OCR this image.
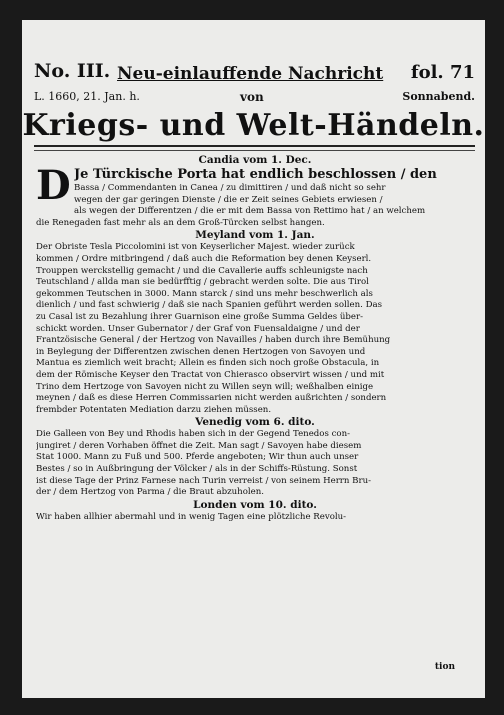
No. III. Neu-einlauffende Nachricht fol. 71
L. 1660, 21. Jan. h.	von	Sonnabend.
Kriegs- und Welt-Händeln.
Candia vom 1. Dec.
D Je Türckische Porta hat endlich beschlossen / den
Bassa / Commendanten in Canea / zu dimittiren / und daß nicht so sehr
wegen der gar geringen Dienste / die er Zeit seines Gebiets erwiesen /
als wegen der Differentzen / die er mit dem Bassa von Rettimo hat / an welchem
die Renegaden fast mehr als an dem Groß-Türcken selbst hangen.
Meyland vom 1. Jan.
Der Obriste Tesla Piccolomini ist von Keyserlicher Majest. wieder zurück
kommen / Ordre mitbringend / daß auch die Reformation bey denen Keyserl.
Trouppen werckstellig gemacht / und die Cavallerie auffs schleunigste nach
Teutschland / allda man sie bedürfftig / gebracht werden solte. Die aus Tirol
gekommen Teutschen in 3000. Mann starck / sind uns mehr beschwerlich als
dienlich / und fast schwierig / daß sie nach Spanien geführt werden sollen. Das
zu Casal ist zu Bezahlung ihrer Guarnison eine große Summa Geldes über-
schickt worden. Unser Gubernator / der Graf von Fuensaldaigne / und der
Frantzösische General / der Hertzog von Navailles / haben durch ihre Bemühung
in Beylegung der Differentzen zwischen denen Hertzogen von Savoyen und
Mantua es ziemlich weit bracht; Allein es finden sich noch große Obstacula, in
dem der Römische Keyser den Tractat von Chierasco observirt wissen / und mit
Trino dem Hertzoge von Savoyen nicht zu Willen seyn will; weßhalben einige
meynen / daß es diese Herren Commissarien nicht werden außrichten / sondern
frembder Potentaten Mediation darzu ziehen müssen.
Venedig vom 6. dito.
Die Galleen von Bey und Rhodis haben sich in der Gegend Tenedos con-
jungiret / deren Vorhaben öffnet die Zeit. Man sagt / Savoyen habe diesem
Stat 1000. Mann zu Fuß und 500. Pferde angeboten; Wir thun auch unser
Bestes / so in Außbringung der Völcker / als in der Schiffs-Rüstung. Sonst
ist diese Tage der Prinz Farnese nach Turin verreist / von seinem Herrn Bru-
der / dem Hertzog von Parma / die Braut abzuholen.
Londen vom 10. dito.
Wir haben allhier abermahl und in wenig Tagen eine plötzliche Revolu-
tion
